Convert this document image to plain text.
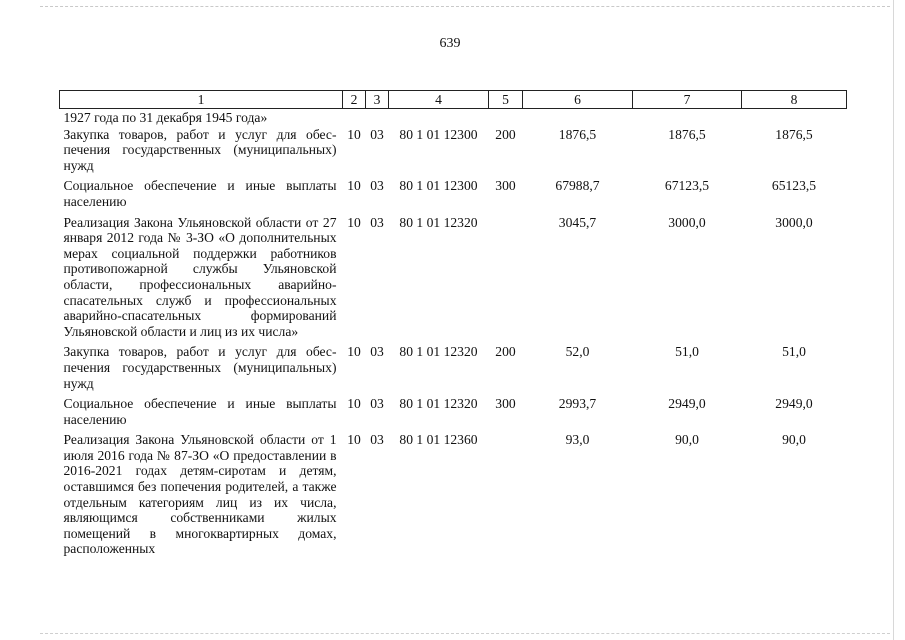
639
1	2	3	4	5	6	7	8
1927 года по 31 декабря 1945 года»							
Закупка товаров, работ и услуг для обеспечения государственных (муниципальных) нужд	10	03	80 1 01 12300	200	1876,5	1876,5	1876,5
Социальное обеспечение и иные выплаты населению	10	03	80 1 01 12300	300	67988,7	67123,5	65123,5
Реализация Закона Ульяновской области от 27 января 2012 года № 3-ЗО «О дополнительных мерах социальной поддержки работников противопожарной службы Ульяновской области, профессиональных аварийно-спасательных служб и профессиональных аварийно-спасательных формирований Ульяновской области и лиц из их числа»	10	03	80 1 01 12320		3045,7	3000,0	3000,0
Закупка товаров, работ и услуг для обеспечения государственных (муниципальных) нужд	10	03	80 1 01 12320	200	52,0	51,0	51,0
Социальное обеспечение и иные выплаты населению	10	03	80 1 01 12320	300	2993,7	2949,0	2949,0
Реализация Закона Ульяновской области от 1 июля 2016 года № 87-ЗО «О предоставлении в 2016-2021 годах детям-сиротам и детям, оставшимся без попечения родителей, а также отдельным категориям лиц из их числа, являющимся собственниками жилых помещений в многоквартирных домах, расположенных	10	03	80 1 01 12360		93,0	90,0	90,0
